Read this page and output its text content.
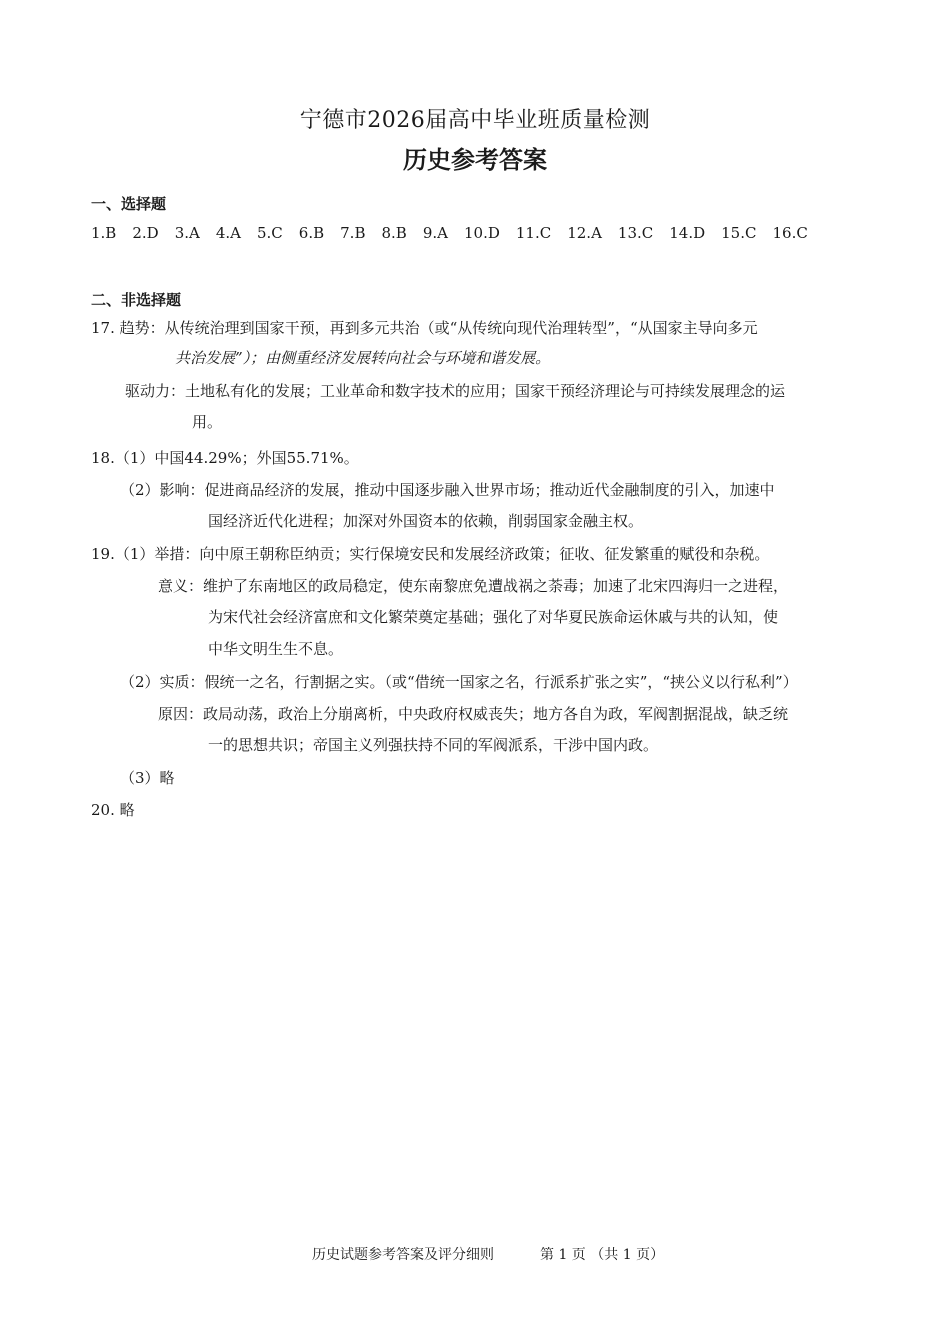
宁德市2026届高中毕业班质量检测
历史参考答案
一、选择题
1.B 2.D 3.A 4.A 5.C 6.B 7.B 8.B 9.A 10.D 11.C 12.A 13.C 14.D 15.C 16.C
二、非选择题
17. 趋势：从传统治理到国家干预，再到多元共治（或“从传统向现代治理转型”，“从国家主导向多元
共治发展”）；由侧重经济发展转向社会与环境和谐发展。
驱动力：土地私有化的发展；工业革命和数字技术的应用；国家干预经济理论与可持续发展理念的运
用。
18.（1）中国44.29%；外国55.71%。
（2）影响：促进商品经济的发展，推动中国逐步融入世界市场；推动近代金融制度的引入，加速中
国经济近代化进程；加深对外国资本的依赖，削弱国家金融主权。
19.（1）举措：向中原王朝称臣纳贡；实行保境安民和发展经济政策；征收、征发繁重的赋役和杂税。
意义：维护了东南地区的政局稳定，使东南黎庶免遭战祸之荼毒；加速了北宋四海归一之进程，
为宋代社会经济富庶和文化繁荣奠定基础；强化了对华夏民族命运休戚与共的认知，使
中华文明生生不息。
（2）实质：假统一之名，行割据之实。（或“借统一国家之名，行派系扩张之实”，“挟公义以行私利”）
原因：政局动荡，政治上分崩离析，中央政府权威丧失；地方各自为政，军阀割据混战，缺乏统
一的思想共识；帝国主义列强扶持不同的军阀派系，干涉中国内政。
（3）略
20. 略
历史试题参考答案及评分细则	第 1 页 （共 1 页）
